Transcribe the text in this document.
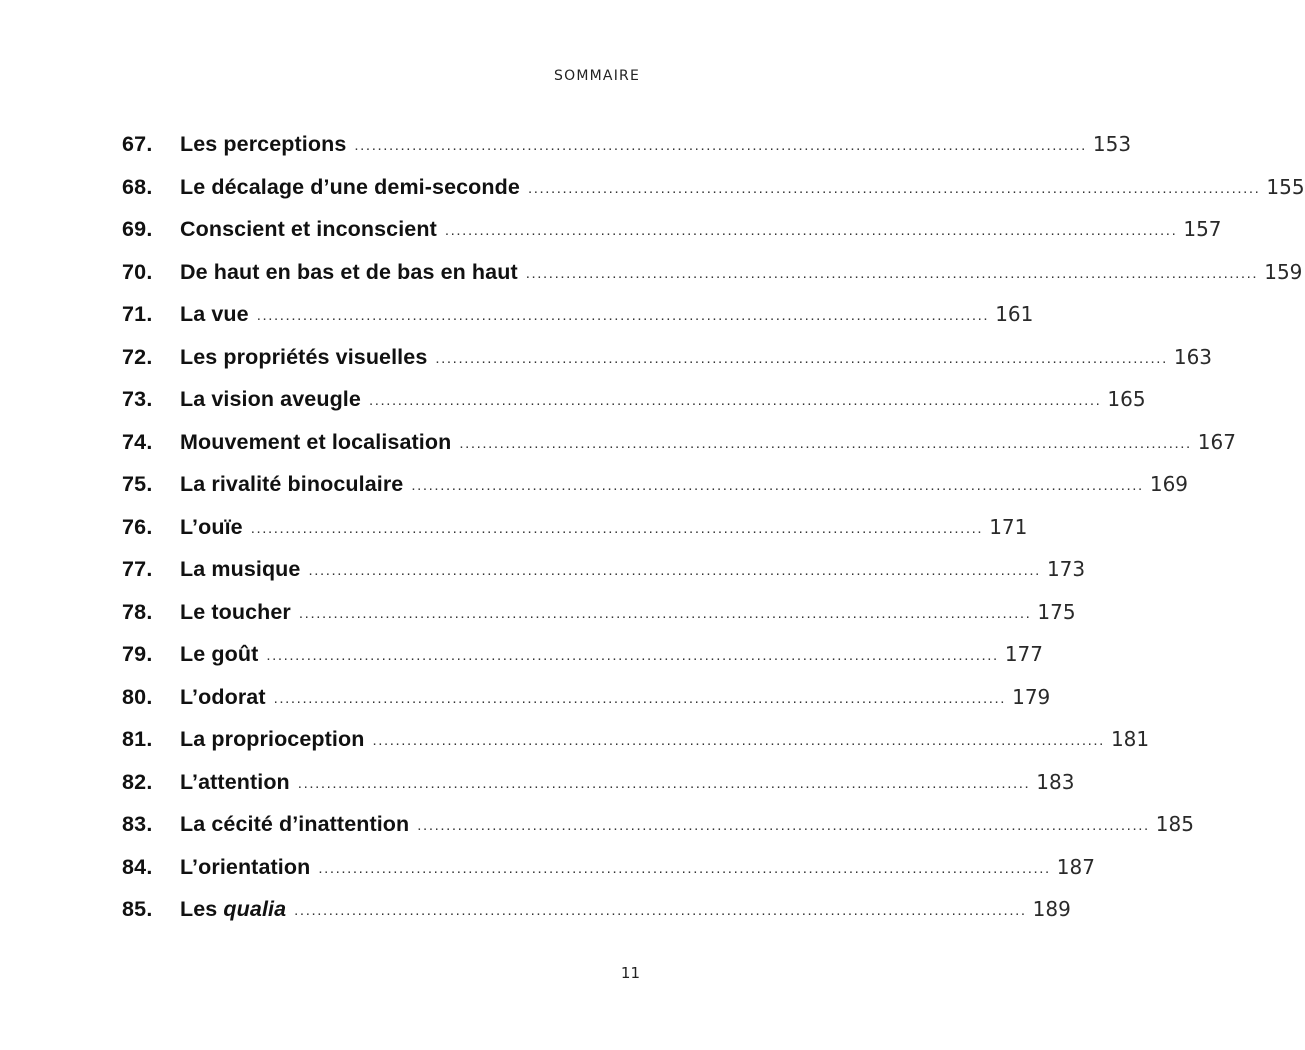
SOMMAIRE
67.	Les perceptions ............................................................................................................................... 153
68.	Le décalage d’une demi-seconde ............................................................................................................................... 155
69.	Conscient et inconscient ............................................................................................................................... 157
70.	De haut en bas et de bas en haut ............................................................................................................................... 159
71.	La vue ............................................................................................................................... 161
72.	Les propriétés visuelles ............................................................................................................................... 163
73.	La vision aveugle ............................................................................................................................... 165
74.	Mouvement et localisation ............................................................................................................................... 167
75.	La rivalité binoculaire ............................................................................................................................... 169
76.	L’ouïe ............................................................................................................................... 171
77.	La musique ............................................................................................................................... 173
78.	Le toucher ............................................................................................................................... 175
79.	Le goût ............................................................................................................................... 177
80.	L’odorat ............................................................................................................................... 179
81.	La proprioception ............................................................................................................................... 181
82.	L’attention ............................................................................................................................... 183
83.	La cécité d’inattention ............................................................................................................................... 185
84.	L’orientation ............................................................................................................................... 187
85.	Les qualia ............................................................................................................................... 189
11
